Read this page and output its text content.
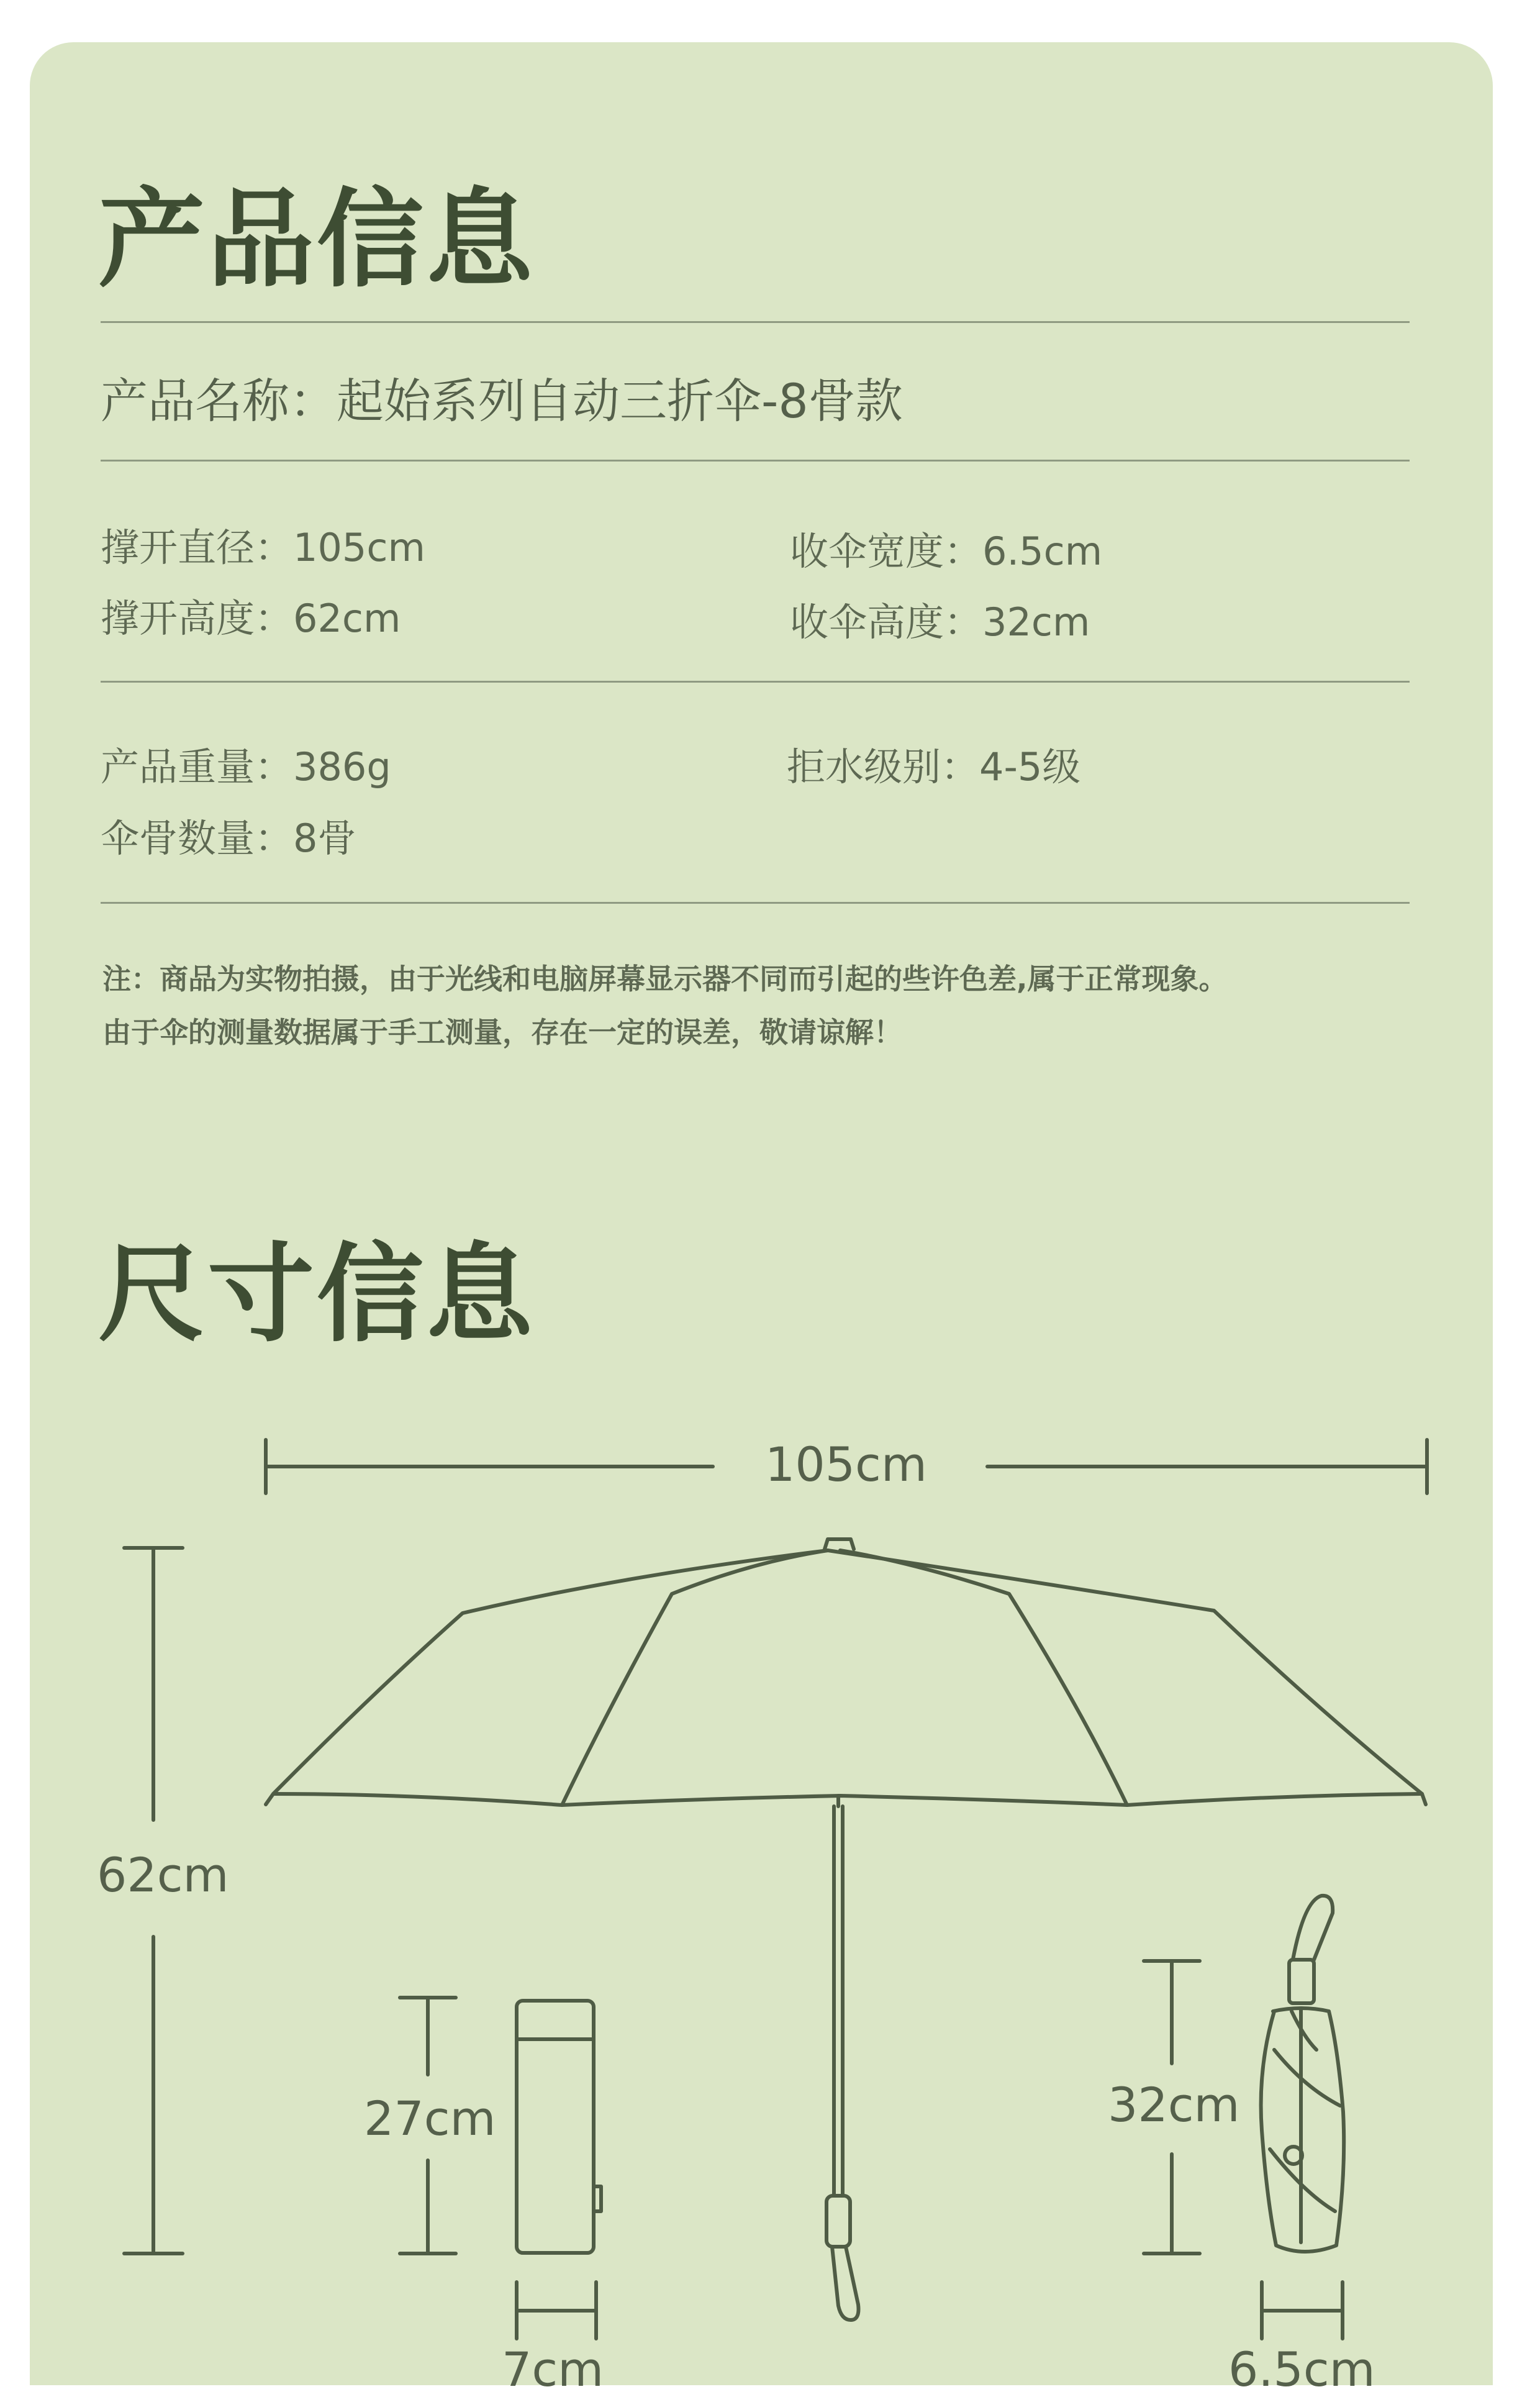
产品信息
产品名称：起始系列自动三折伞-8骨款
撑开直径：105cm
撑开高度：62cm
收伞宽度：6.5cm
收伞高度：32cm
产品重量：386g
伞骨数量：8骨
拒水级别：4-5级
注：商品为实物拍摄，由于光线和电脑屏幕显示器不同而引起的些许色差,属于正常现象。
由于伞的测量数据属于手工测量，存在一定的误差，敬请谅解！
尺寸信息
105cm
62cm
27cm
7cm
32cm
6.5cm
